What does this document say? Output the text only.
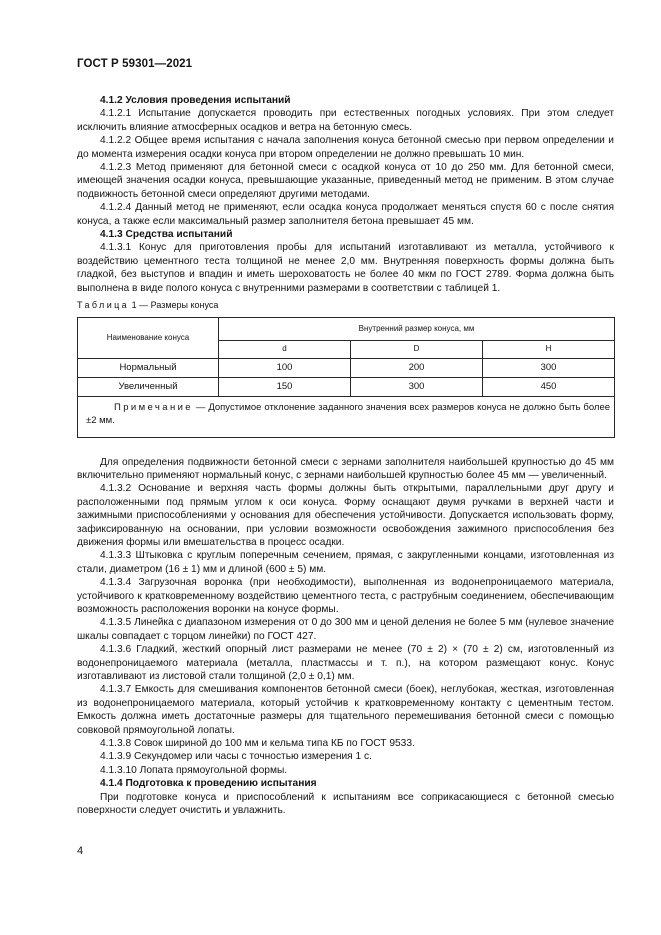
ГОСТ Р 59301—2021

4.1.2 Условия проведения испытаний

4.1.2.1 Испытание допускается проводить при естественных погодных условиях. При этом следует исключить влияние атмосферных осадков и ветра на бетонную смесь.

4.1.2.2 Общее время испытания с начала заполнения конуса бетонной смесью при первом определении и до момента измерения осадки конуса при втором определении не должно превышать 10 мин.

4.1.2.3 Метод применяют для бетонной смеси с осадкой конуса от 10 до 250 мм. Для бетонной смеси, имеющей значения осадки конуса, превышающие указанные, приведенный метод не применим. В этом случае подвижность бетонной смеси определяют другими методами.

4.1.2.4 Данный метод не применяют, если осадка конуса продолжает меняться спустя 60 с после снятия конуса, а также если максимальный размер заполнителя бетона превышает 45 мм.

4.1.3 Средства испытаний

4.1.3.1 Конус для приготовления пробы для испытаний изготавливают из металла, устойчивого к воздействию цементного теста толщиной не менее 2,0 мм. Внутренняя поверхность формы должна быть гладкой, без выступов и впадин и иметь шероховатость не более 40 мкм по ГОСТ 2789. Форма должна быть выполнена в виде полого конуса с внутренними размерами в соответствии с таблицей 1.

Таблица 1 — Размеры конуса

Наименование конуса	Внутренний размер конуса, мм		
	d	D	H
Нормальный	100	200	300
Увеличенный	150	300	450
Примечание — Допустимое отклонение заданного значения всех размеров конуса не должно быть более ±2 мм.			

Для определения подвижности бетонной смеси с зернами заполнителя наибольшей крупностью до 45 мм включительно применяют нормальный конус, с зернами наибольшей крупностью более 45 мм — увеличенный.

4.1.3.2 Основание и верхняя часть формы должны быть открытыми, параллельными друг другу и расположенными под прямым углом к оси конуса. Форму оснащают двумя ручками в верхней части и зажимными приспособлениями у основания для обеспечения устойчивости. Допускается использовать форму, зафиксированную на основании, при условии возможности освобождения зажимного приспособления без движения формы или вмешательства в процесс осадки.

4.1.3.3 Штыковка с круглым поперечным сечением, прямая, с закругленными концами, изготовленная из стали, диаметром (16 ± 1) мм и длиной (600 ± 5) мм.

4.1.3.4 Загрузочная воронка (при необходимости), выполненная из водонепроницаемого материала, устойчивого к кратковременному воздействию цементного теста, с раструбным соединением, обеспечивающим возможность расположения воронки на конусе формы.

4.1.3.5 Линейка с диапазоном измерения от 0 до 300 мм и ценой деления не более 5 мм (нулевое значение шкалы совпадает с торцом линейки) по ГОСТ 427.

4.1.3.6 Гладкий, жесткий опорный лист размерами не менее (70 ± 2) × (70 ± 2) см, изготовленный из водонепроницаемого материала (металла, пластмассы и т. п.), на котором размещают конус. Конус изготавливают из листовой стали толщиной (2,0 ± 0,1) мм.

4.1.3.7 Емкость для смешивания компонентов бетонной смеси (боек), неглубокая, жесткая, изготовленная из водонепроницаемого материала, который устойчив к кратковременному контакту с цементным тестом. Емкость должна иметь достаточные размеры для тщательного перемешивания бетонной смеси с помощью совковой прямоугольной лопаты.

4.1.3.8 Совок шириной до 100 мм и кельма типа КБ по ГОСТ 9533.

4.1.3.9 Секундомер или часы с точностью измерения 1 с.

4.1.3.10 Лопата прямоугольной формы.

4.1.4 Подготовка к проведению испытания

При подготовке конуса и приспособлений к испытаниям все соприкасающиеся с бетонной смесью поверхности следует очистить и увлажнить.

4
